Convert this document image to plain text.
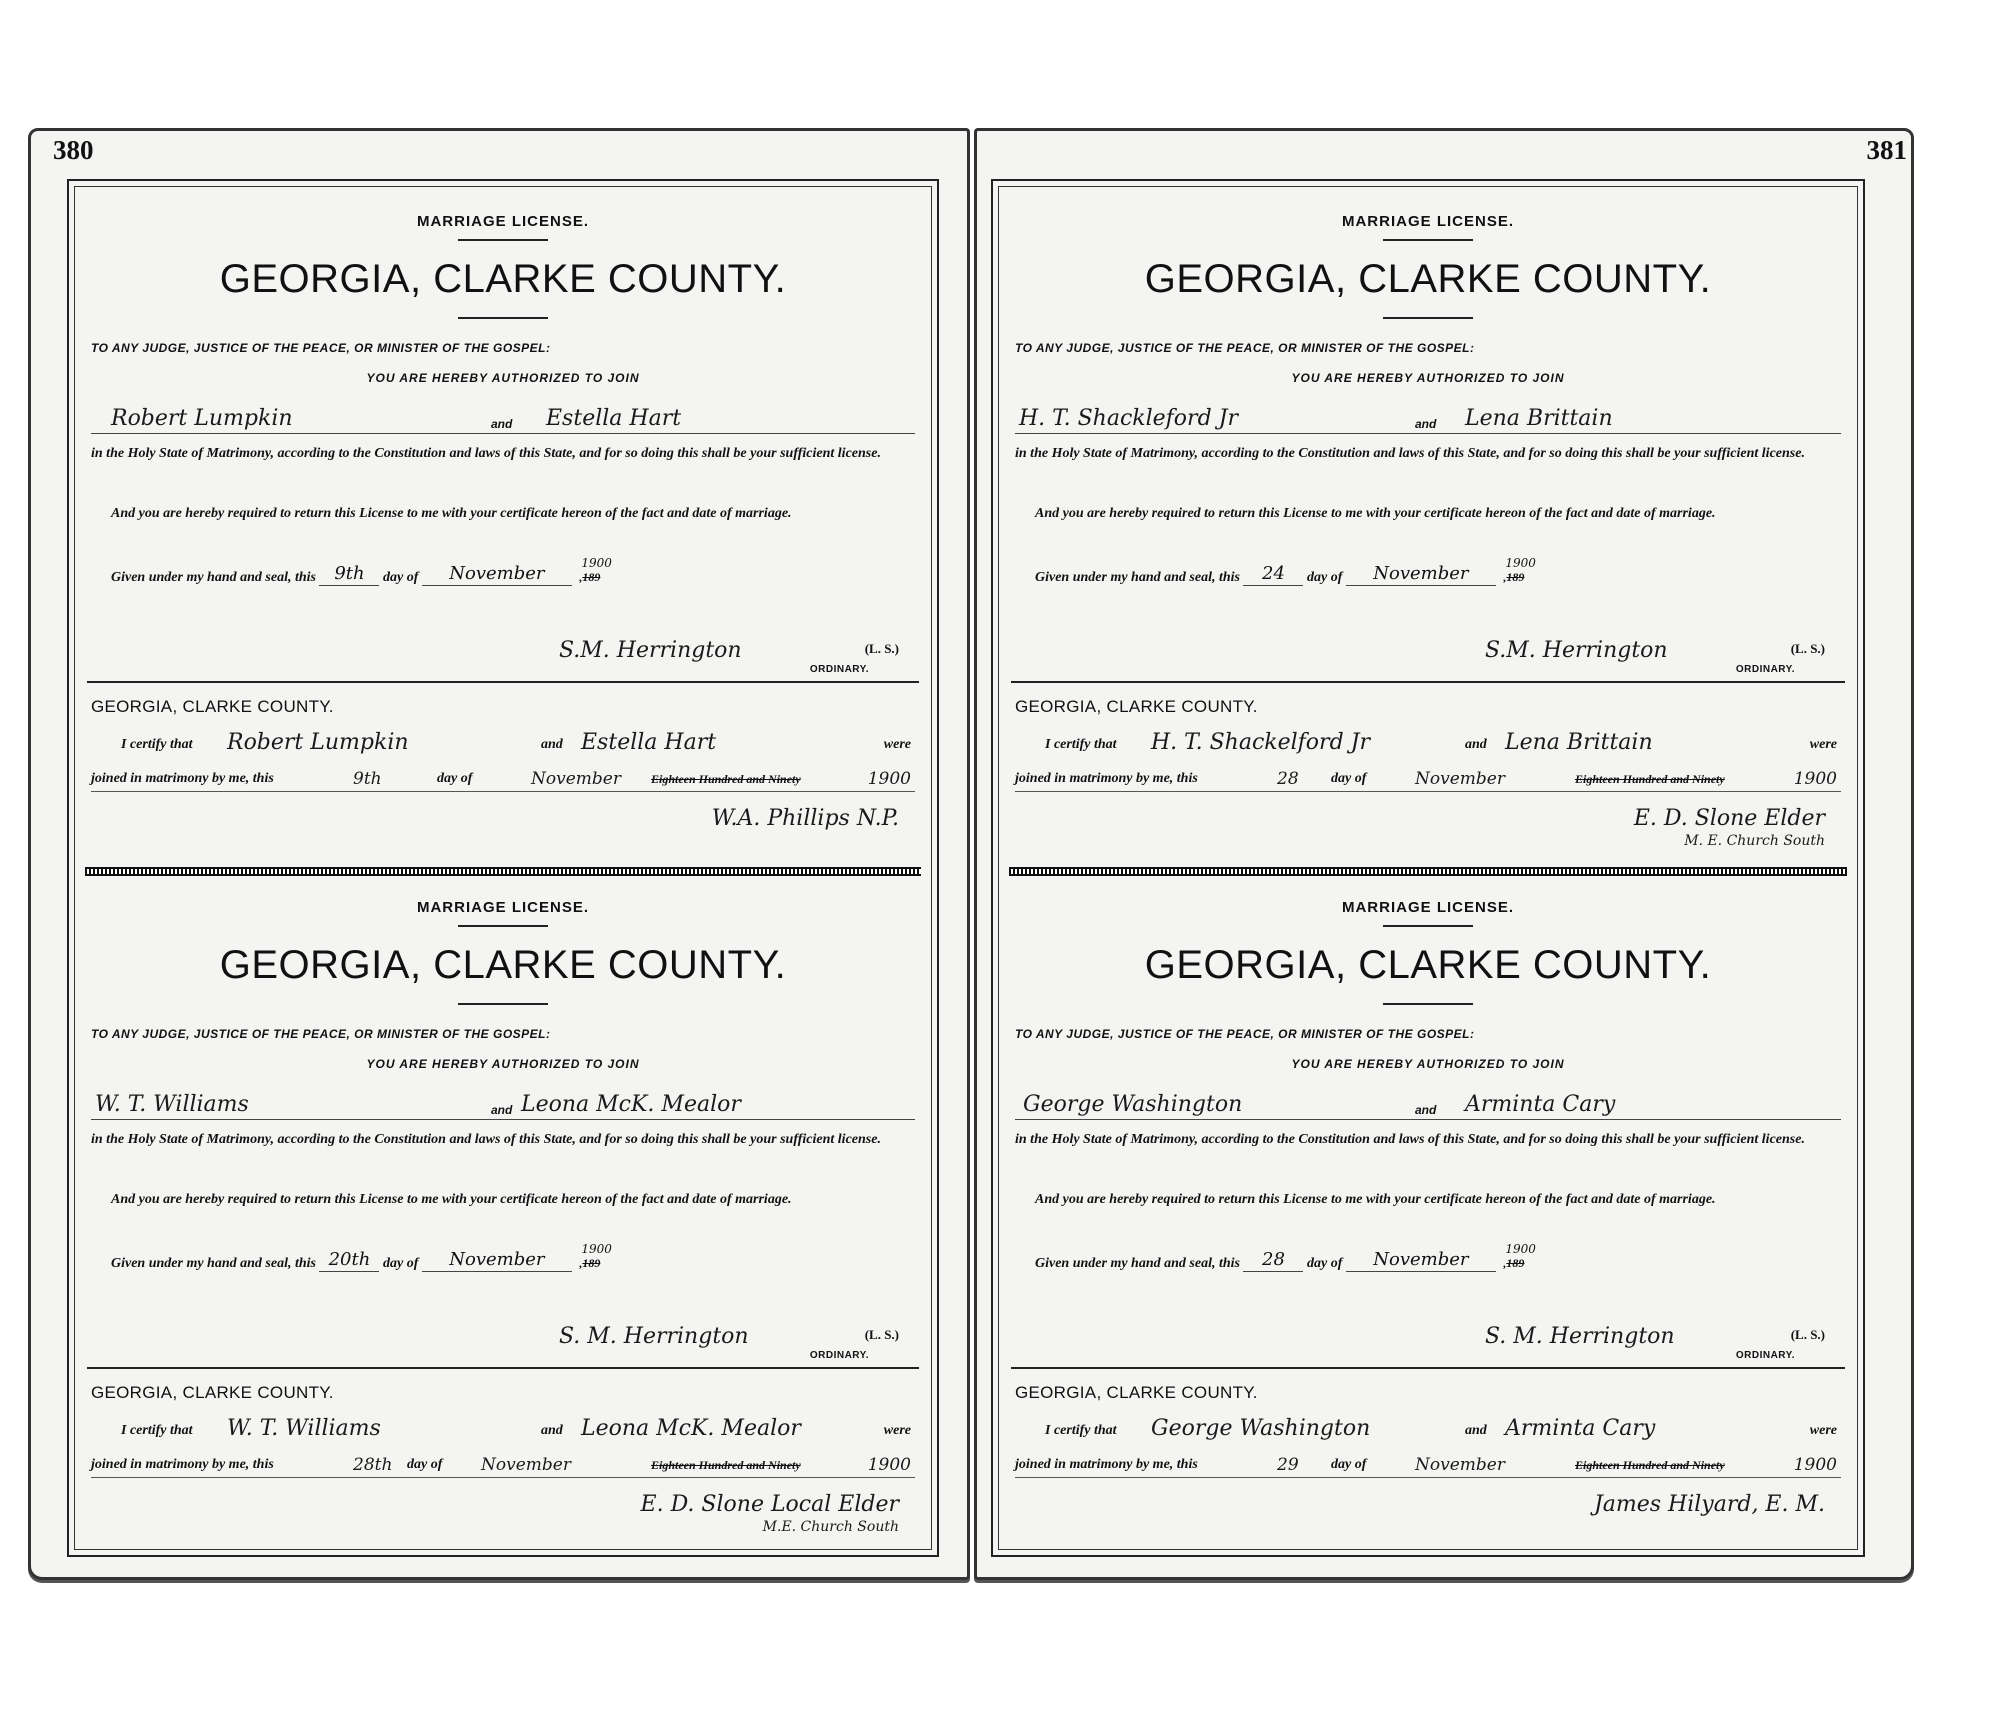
380
MARRIAGE LICENSE.
GEORGIA, CLARKE COUNTY.
TO ANY JUDGE, JUSTICE OF THE PEACE, OR MINISTER OF THE GOSPEL:
YOU ARE HEREBY AUTHORIZED TO JOIN
Robert Lumpkin	and Estella Hart
in the Holy State of Matrimony, according to the Constitution and laws of this State, and for so doing this shall be your sufficient license.
And you are hereby required to return this License to me with your certificate hereon of the fact and date of marriage.
Given under my hand and seal, this 9th day of November	,
1900
189
S.M. Herrington	(L. S.)
ORDINARY.
GEORGIA, CLARKE COUNTY.
I certify that Robert Lumpkin	and Estella Hart	were
joined in matrimony by me, this	9th	day of	November	Eighteen Hundred and Ninety	1900
W.A. Phillips N.P.
MARRIAGE LICENSE.
GEORGIA, CLARKE COUNTY.
TO ANY JUDGE, JUSTICE OF THE PEACE, OR MINISTER OF THE GOSPEL:
YOU ARE HEREBY AUTHORIZED TO JOIN
W. T. Williams	and Leona McK. Mealor
in the Holy State of Matrimony, according to the Constitution and laws of this State, and for so doing this shall be your sufficient license.
And you are hereby required to return this License to me with your certificate hereon of the fact and date of marriage.
Given under my hand and seal, this 20th day of November	,
1900
189
S. M. Herrington	(L. S.)
ORDINARY.
GEORGIA, CLARKE COUNTY.
I certify that W. T. Williams	and Leona McK. Mealor	were
joined in matrimony by me, this	28th day of November	Eighteen Hundred and Ninety	1900
E. D. Slone Local Elder
M.E. Church South
381
MARRIAGE LICENSE.
GEORGIA, CLARKE COUNTY.
TO ANY JUDGE, JUSTICE OF THE PEACE, OR MINISTER OF THE GOSPEL:
YOU ARE HEREBY AUTHORIZED TO JOIN
H. T. Shackleford Jr	and Lena Brittain
in the Holy State of Matrimony, according to the Constitution and laws of this State, and for so doing this shall be your sufficient license.
And you are hereby required to return this License to me with your certificate hereon of the fact and date of marriage.
Given under my hand and seal, this 24 day of November	,
1900
189
S.M. Herrington	(L. S.)
ORDINARY.
GEORGIA, CLARKE COUNTY.
I certify that H. T. Shackelford Jr	and Lena Brittain	were
joined in matrimony by me, this	28 day of	November	Eighteen Hundred and Ninety	1900
E. D. Slone Elder
M. E. Church South
MARRIAGE LICENSE.
GEORGIA, CLARKE COUNTY.
TO ANY JUDGE, JUSTICE OF THE PEACE, OR MINISTER OF THE GOSPEL:
YOU ARE HEREBY AUTHORIZED TO JOIN
George Washington	and Arminta Cary
in the Holy State of Matrimony, according to the Constitution and laws of this State, and for so doing this shall be your sufficient license.
And you are hereby required to return this License to me with your certificate hereon of the fact and date of marriage.
Given under my hand and seal, this 28 day of November	,
1900
189
S. M. Herrington	(L. S.)
ORDINARY.
GEORGIA, CLARKE COUNTY.
I certify that George Washington	and Arminta Cary	were
joined in matrimony by me, this	29 day of	November	Eighteen Hundred and Ninety	1900
James Hilyard, E. M.
